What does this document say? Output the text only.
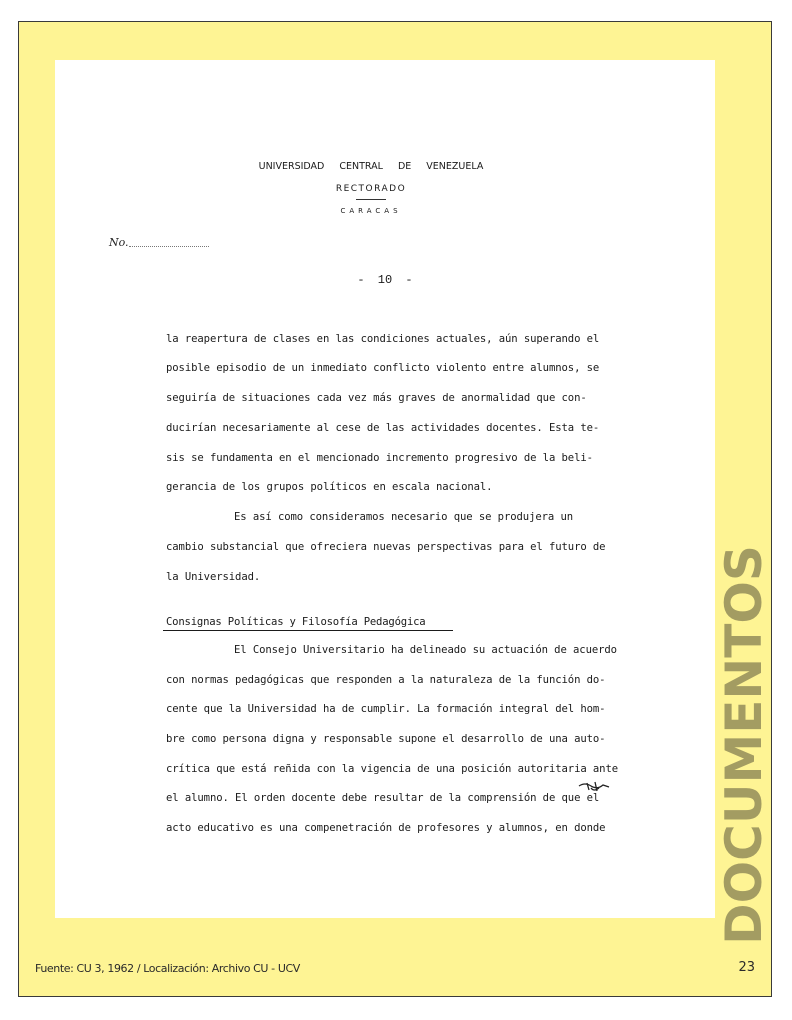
UNIVERSIDAD CENTRAL DE VENEZUELA
RECTORADO
CARACAS
No.
- 10 -

la reapertura de clases en las condiciones actuales, aún superando el

posible episodio de un inmediato conflicto violento entre alumnos, se

seguiría de situaciones cada vez más graves de anormalidad que con-

ducirían necesariamente al cese de las actividades docentes. Esta te-

sis se fundamenta en el mencionado incremento progresivo de la beli-

gerancia de los grupos políticos en escala nacional.

Es así como consideramos necesario que se produjera un

cambio substancial que ofreciera nuevas perspectivas para el futuro de

la Universidad.

Consignas Políticas y Filosofía Pedagógica

El Consejo Universitario ha delineado su actuación de acuerdo

con normas pedagógicas que responden a la naturaleza de la función do-

cente que la Universidad ha de cumplir. La formación integral del hom-

bre como persona digna y responsable supone el desarrollo de una auto-

crítica que está reñida con la vigencia de una posición autoritaria ante

el alumno. El orden docente debe resultar de la comprensión de que el

acto educativo es una compenetración de profesores y alumnos, en donde DOCUMENTOS
Fuente: CU 3, 1962 / Localización: Archivo CU - UCV	23
